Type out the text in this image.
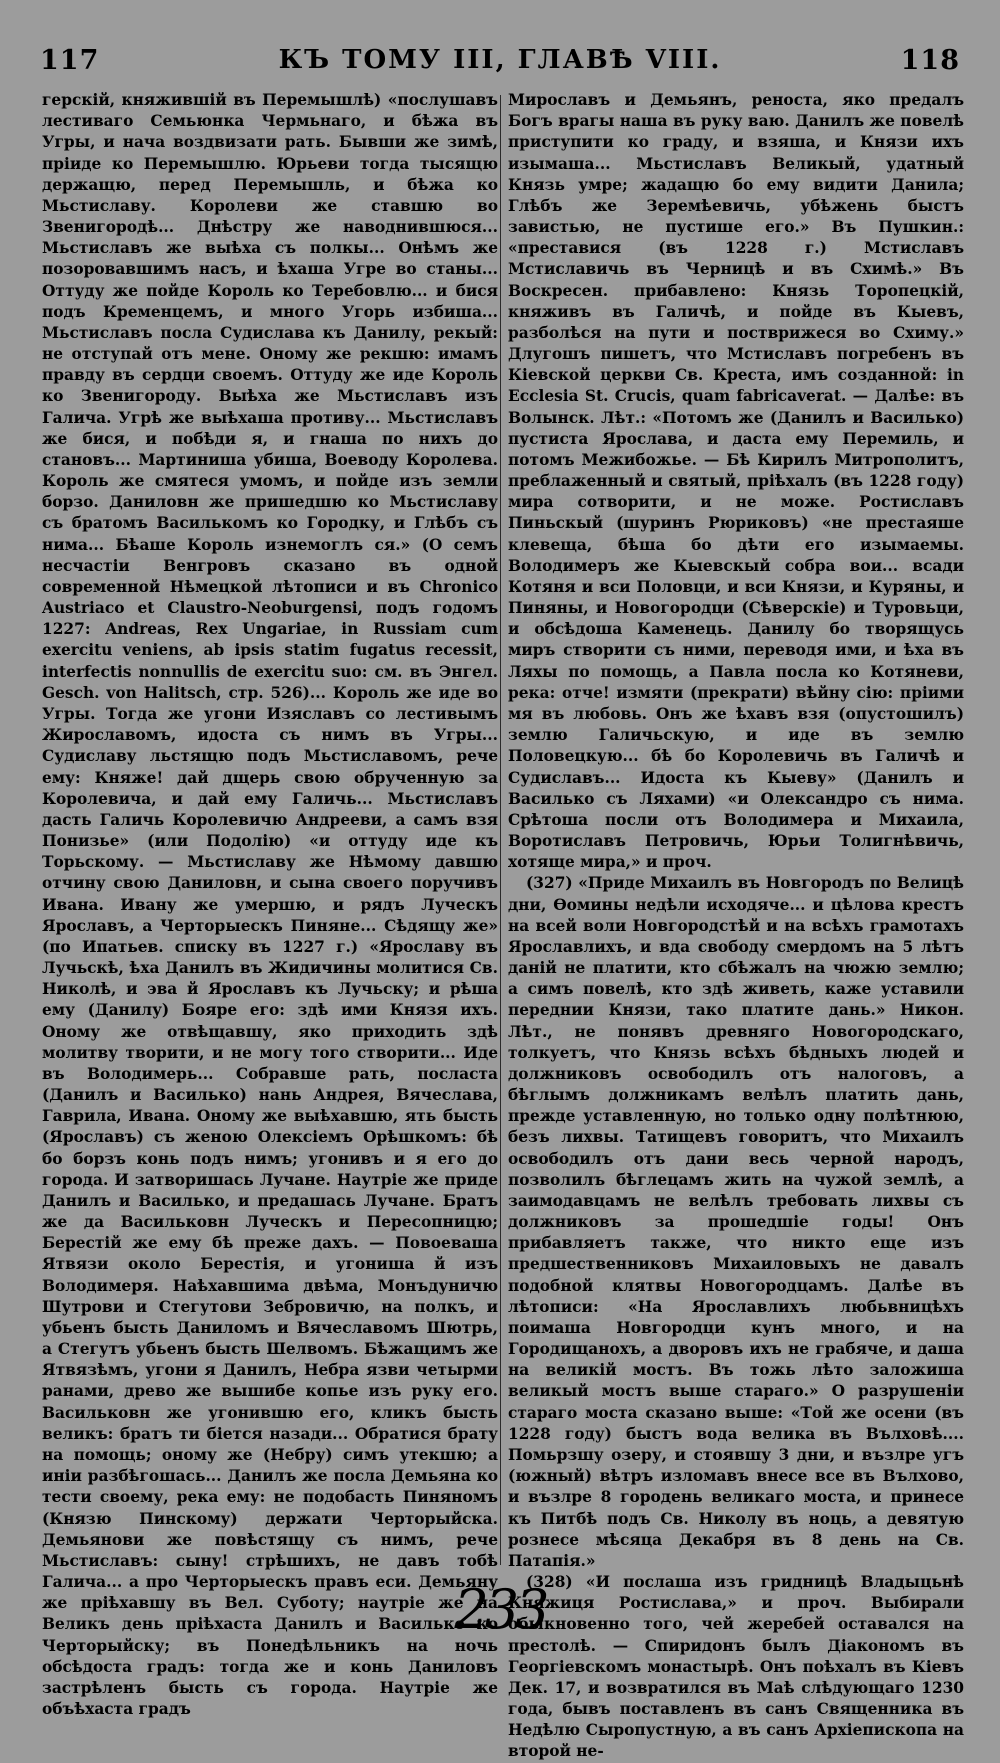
117	КЪ ТОМУ III, ГЛАВѢ VIII.	118

герскій, княжившій въ Перемышлѣ) «послушавъ лестиваго Семьюнка Чермьнаго, и бѣжа въ Угры, и нача воздвизати рать. Бывши же зимѣ, пріиде ко Перемышлю. Юрьеви тогда тысящю держащю, перед Перемышль, и бѣжа ко Мьстиславу. Королеви же ставшю во Звенигородѣ... Днѣстру же наводнившюся... Мьстиславъ же выѣха съ полкы... Онѣмъ же позоровавшимъ насъ, и ѣхаша Угре во станы... Оттуду же пойде Король ко Теребовлю... и бися подъ Кременцемъ, и много Угорь избиша... Мьстиславъ посла Судислава къ Данилу, рекый: не отступай отъ мене. Оному же рекшю: имамъ правду въ сердци своемъ. Оттуду же иде Король ко Звенигороду. Выѣха же Мьстиславъ изъ Галича. Угрѣ же выѣхаша противу... Мьстиславъ же бися, и побѣди я, и гнаша по нихъ до становъ... Мартиниша убиша, Воеводу Королева. Король же смятеся умомъ, и пойде изъ земли борзо. Даниловн же пришедшю ко Мьстиславу съ братомъ Василькомъ ко Городку, и Глѣбъ съ нима... Бѣаше Король изнемоглъ ся.» (О семъ несчастіи Венгровъ сказано въ одной современной Нѣмецкой лѣтописи и въ Chronico Austriaco et Claustro-Neoburgensi, подъ годомъ 1227: Andreas, Rex Ungariae, in Russiam cum exercitu veniens, ab ipsis statim fugatus recessit, interfectis nonnullis de exercitu suo: см. въ Энгел. Gesch. von Halitsch, стр. 526)... Король же иде во Угры. Тогда же угони Изяславъ со лестивымъ Жирославомъ, идоста съ нимъ въ Угры... Судиславу льстящю подъ Мьстиславомъ, рече ему: Княже! дай дщерь свою обрученную за Королевича, и дай ему Галичь... Мьстиславъ дасть Галичь Королевичю Андрееви, а самъ взя Понизье» (или Подолію) «и оттуду иде къ Торьскому. — Мьстиславу же Нѣмому давшю отчину свою Даниловн, и сына своего поручивъ Ивана. Ивану же умершю, и рядъ Луческъ Ярославъ, а Черторыескъ Пиняне... Сѣдящу же» (по Ипатьев. списку въ 1227 г.) «Ярославу въ Лучьскѣ, ѣха Данилъ въ Жидичины молитися Св. Николѣ, и эва й Ярославъ къ Лучьску; и рѣша ему (Данилу) Бояре его: здѣ ими Князя ихъ. Оному же отвѣщавшу, яко приходить здѣ молитву творити, и не могу того створити... Иде въ Володимерь... Собравше рать, посласта (Данилъ и Василько) нань Андрея, Вячеслава, Гаврила, Ивана. Оному же выѣхавшю, ять бысть (Ярославъ) съ женою Олексіемъ Орѣшкомъ: бѣ бо борзъ конь подъ нимъ; угонивъ и я его до города. И затворишась Лучане. Наутріе же приде Данилъ и Василько, и предашась Лучане. Братъ же да Васильковн Луческъ и Пересопницю; Берестій же ему бѣ преже дахъ. — Повоеваша Ятвязи около Берестія, и угониша й изъ Володимеря. Наѣхавшима двѣма, Монъдуничю Шутрови и Стегутови Зебровичю, на полкъ, и убьенъ бысть Даниломъ и Вячеславомъ Шютрь, а Стегутъ убьенъ бысть Шелвомъ. Бѣжащимъ же Ятвязѣмъ, угони я Данилъ, Небра язви четырми ранами, древо же вышибе копье изъ руку его. Васильковн же угонившю его, кликъ бысть великъ: братъ ти біется назади... Обратися брату на помощь; оному же (Небру) симъ утекшю; а иніи разбѣгошась... Данилъ же посла Демьяна ко тести своему, река ему: не подобасть Пиняномъ (Князю Пинскому) держати Черторыйска. Демьянови же повѣстящу съ нимъ, рече Мьстиславъ: сыну! стрѣшихъ, не давъ тобѣ Галича... а про Черторыескъ правъ еси. Демьяну же пріѣхавшу въ Вел. Суботу; наутріе же на Великъ день пріѣхаста Данилъ и Василько ко Черторыйску; въ Понедѣльникъ на ночь обсѣдоста градъ: тогда же и конь Даниловъ застрѣленъ бысть съ города. Наутріе же объѣхаста градъ

Мирославъ и Демьянъ, реноста, яко предалъ Богъ врагы наша въ руку ваю. Данилъ же повелѣ приступити ко граду, и взяша, и Князи ихъ изымаша... Мьстиславъ Великый, удатный Князь умре; жадащю бо ему видити Данила; Глѣбъ же Зеремѣевичь, убѣжень быстъ завистью, не пустише его.» Въ Пушкин.: «преставися (въ 1228 г.) Мстиславъ Мстиславичь въ Черницѣ и въ Схимѣ.» Въ Воскресен. прибавлено: Князь Торопецкій, княживъ въ Галичѣ, и пойде въ Кыевъ, разболѣся на пути и постврижеся во Схиму.» Длугошъ пишетъ, что Мстиславъ погребенъ въ Кіевской церкви Св. Креста, имъ созданной: in Ecclesia St. Crucis, quam fabricaverat. — Далѣе: въ Волынск. Лѣт.: «Потомъ же (Данилъ и Василько) пустиста Ярослава, и даста ему Перемиль, и потомъ Межибожье. — Бѣ Кирилъ Митрополитъ, преблаженный и святый, пріѣхалъ (въ 1228 году) мира сотворити, и не може. Ростиславъ Пиньскый (шуринъ Рюриковъ) «не престаяше клевеща, бѣша бо дѣти его изымаемы. Володимеръ же Кыевскый собра вои... всади Котяня и вси Половци, и вси Князи, и Куряны, и Пиняны, и Новогородци (Сѣверскіе) и Туровьци, и обсѣдоша Каменець. Данилу бо творящусь миръ створити съ ними, переводя ими, и ѣха въ Ляхы по помощь, а Павла посла ко Котяневи, река: отче! измяти (прекрати) вѣйну сію: пріими мя въ любовь. Онъ же ѣхавъ взя (опустошилъ) землю Галичьскую, и иде въ землю Половецкую... бѣ бо Королевичь въ Галичѣ и Судиславъ... Идоста къ Кыеву» (Данилъ и Василько съ Ляхами) «и Олександро съ нима. Срѣтоша посли отъ Володимера и Михаила, Воротиславъ Петровичь, Юрьи Толигнѣвичь, хотяще мира,» и проч.

(327) «Приде Михаилъ въ Новгородъ по Велицѣ дни, Ѳомины недѣли исходяче... и цѣлова крестъ на всей воли Новгородстѣй и на всѣхъ грамотахъ Ярославлихъ, и вда свободу смердомъ на 5 лѣтъ даній не платити, кто сбѣжалъ на чюжю землю; а симъ повелѣ, кто здѣ живеть, каже уставили переднии Князи, тако платите дань.» Никон. Лѣт., не понявъ древняго Новогородскаго, толкуетъ, что Князь всѣхъ бѣдныхъ людей и должниковъ освободилъ отъ налоговъ, а бѣглымъ должникамъ велѣлъ платить дань, прежде уставленную, но только одну полѣтнюю, безъ лихвы. Татищевъ говоритъ, что Михаилъ освободилъ отъ дани весь черной народъ, позволилъ бѣглецамъ жить на чужой землѣ, а заимодавцамъ не велѣлъ требовать лихвы съ должниковъ за прошедшіе годы! Онъ прибавляетъ также, что никто еще изъ предшественниковъ Михаиловыхъ не давалъ подобной клятвы Новогородцамъ. Далѣе въ лѣтописи: «На Ярославлихъ любьвницѣхъ поимаша Новгородци кунъ много, и на Городищанохъ, а дворовъ ихъ не грабяче, и даша на великій мостъ. Въ тожь лѣто заложиша великый мостъ выше стараго.» О разрушеніи стараго моста сказано выше: «Той же осени (въ 1228 году) быстъ вода велика въ Вълховѣ.... Помьрзшу озеру, и стоявшу 3 дни, и възлре угъ (южный) вѣтръ изломавъ внесе все въ Вълхово, и възлре 8 городень великаго моста, и принесе къ Питбѣ подъ Св. Николу въ ноць, а девятую рознесе мѣсяца Декабря въ 8 день на Св. Патапія.»

(328) «И послаша изъ гридницѣ Владыцьнѣ Княжиця Ростислава,» и проч. Выбирали обыкновенно того, чей жеребей оставался на престолѣ. — Спиридонъ былъ Діакономъ въ Георгіевскомъ монастырѣ. Онъ поѣхалъ въ Кіевъ Дек. 17, и возвратился въ Маѣ слѣдующаго 1230 года, бывъ поставленъ въ санъ Священника въ Недѣлю Сыропустную, а въ санъ Архіепископа на второй не-

233
